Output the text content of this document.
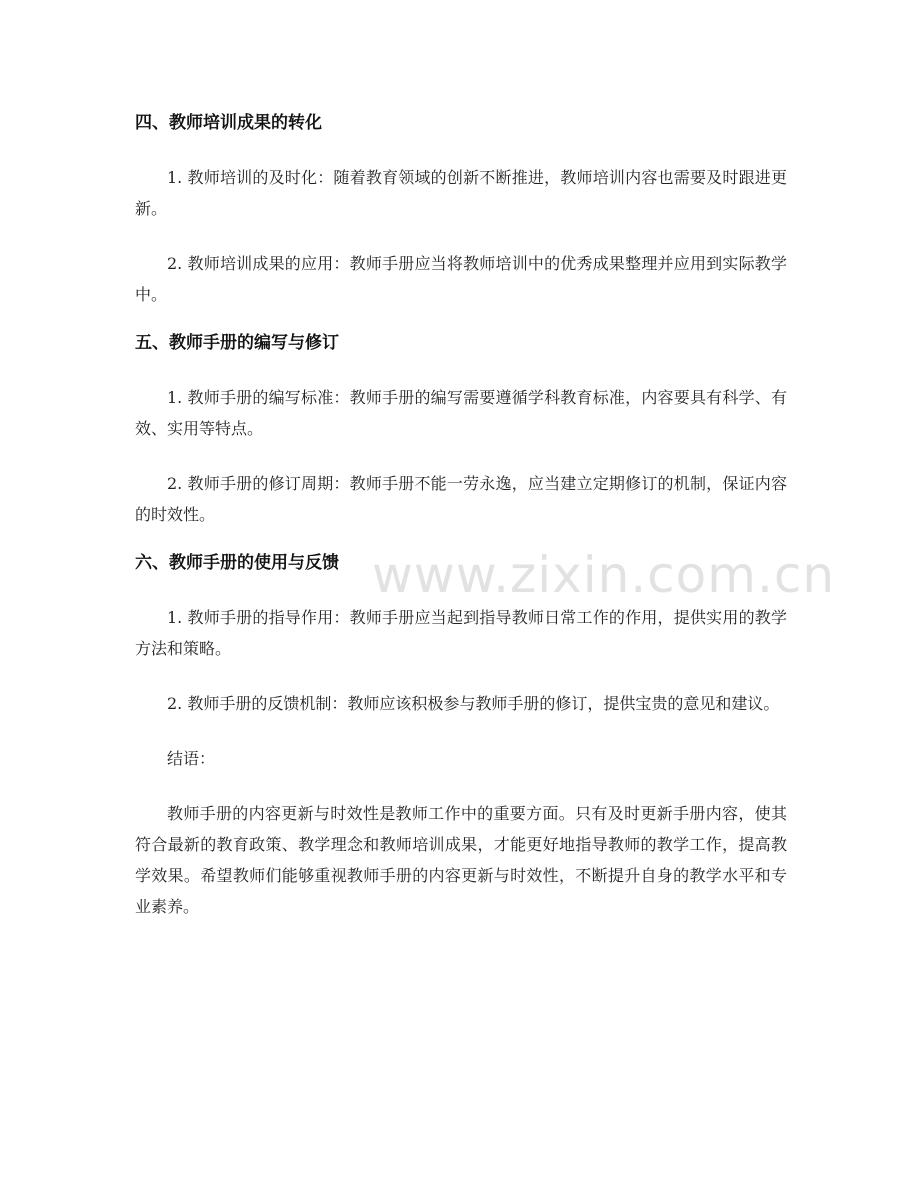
四、教师培训成果的转化

1. 教师培训的及时化：随着教育领域的创新不断推进，教师培训内容也需要及时跟进更新。

2. 教师培训成果的应用：教师手册应当将教师培训中的优秀成果整理并应用到实际教学中。

五、教师手册的编写与修订

1. 教师手册的编写标准：教师手册的编写需要遵循学科教育标准，内容要具有科学、有效、实用等特点。

2. 教师手册的修订周期：教师手册不能一劳永逸，应当建立定期修订的机制，保证内容的时效性。

六、教师手册的使用与反馈

1. 教师手册的指导作用：教师手册应当起到指导教师日常工作的作用，提供实用的教学方法和策略。

2. 教师手册的反馈机制：教师应该积极参与教师手册的修订，提供宝贵的意见和建议。

结语：

教师手册的内容更新与时效性是教师工作中的重要方面。只有及时更新手册内容，使其符合最新的教育政策、教学理念和教师培训成果，才能更好地指导教师的教学工作，提高教学效果。希望教师们能够重视教师手册的内容更新与时效性，不断提升自身的教学水平和专业素养。

www.zixin.com.cn
